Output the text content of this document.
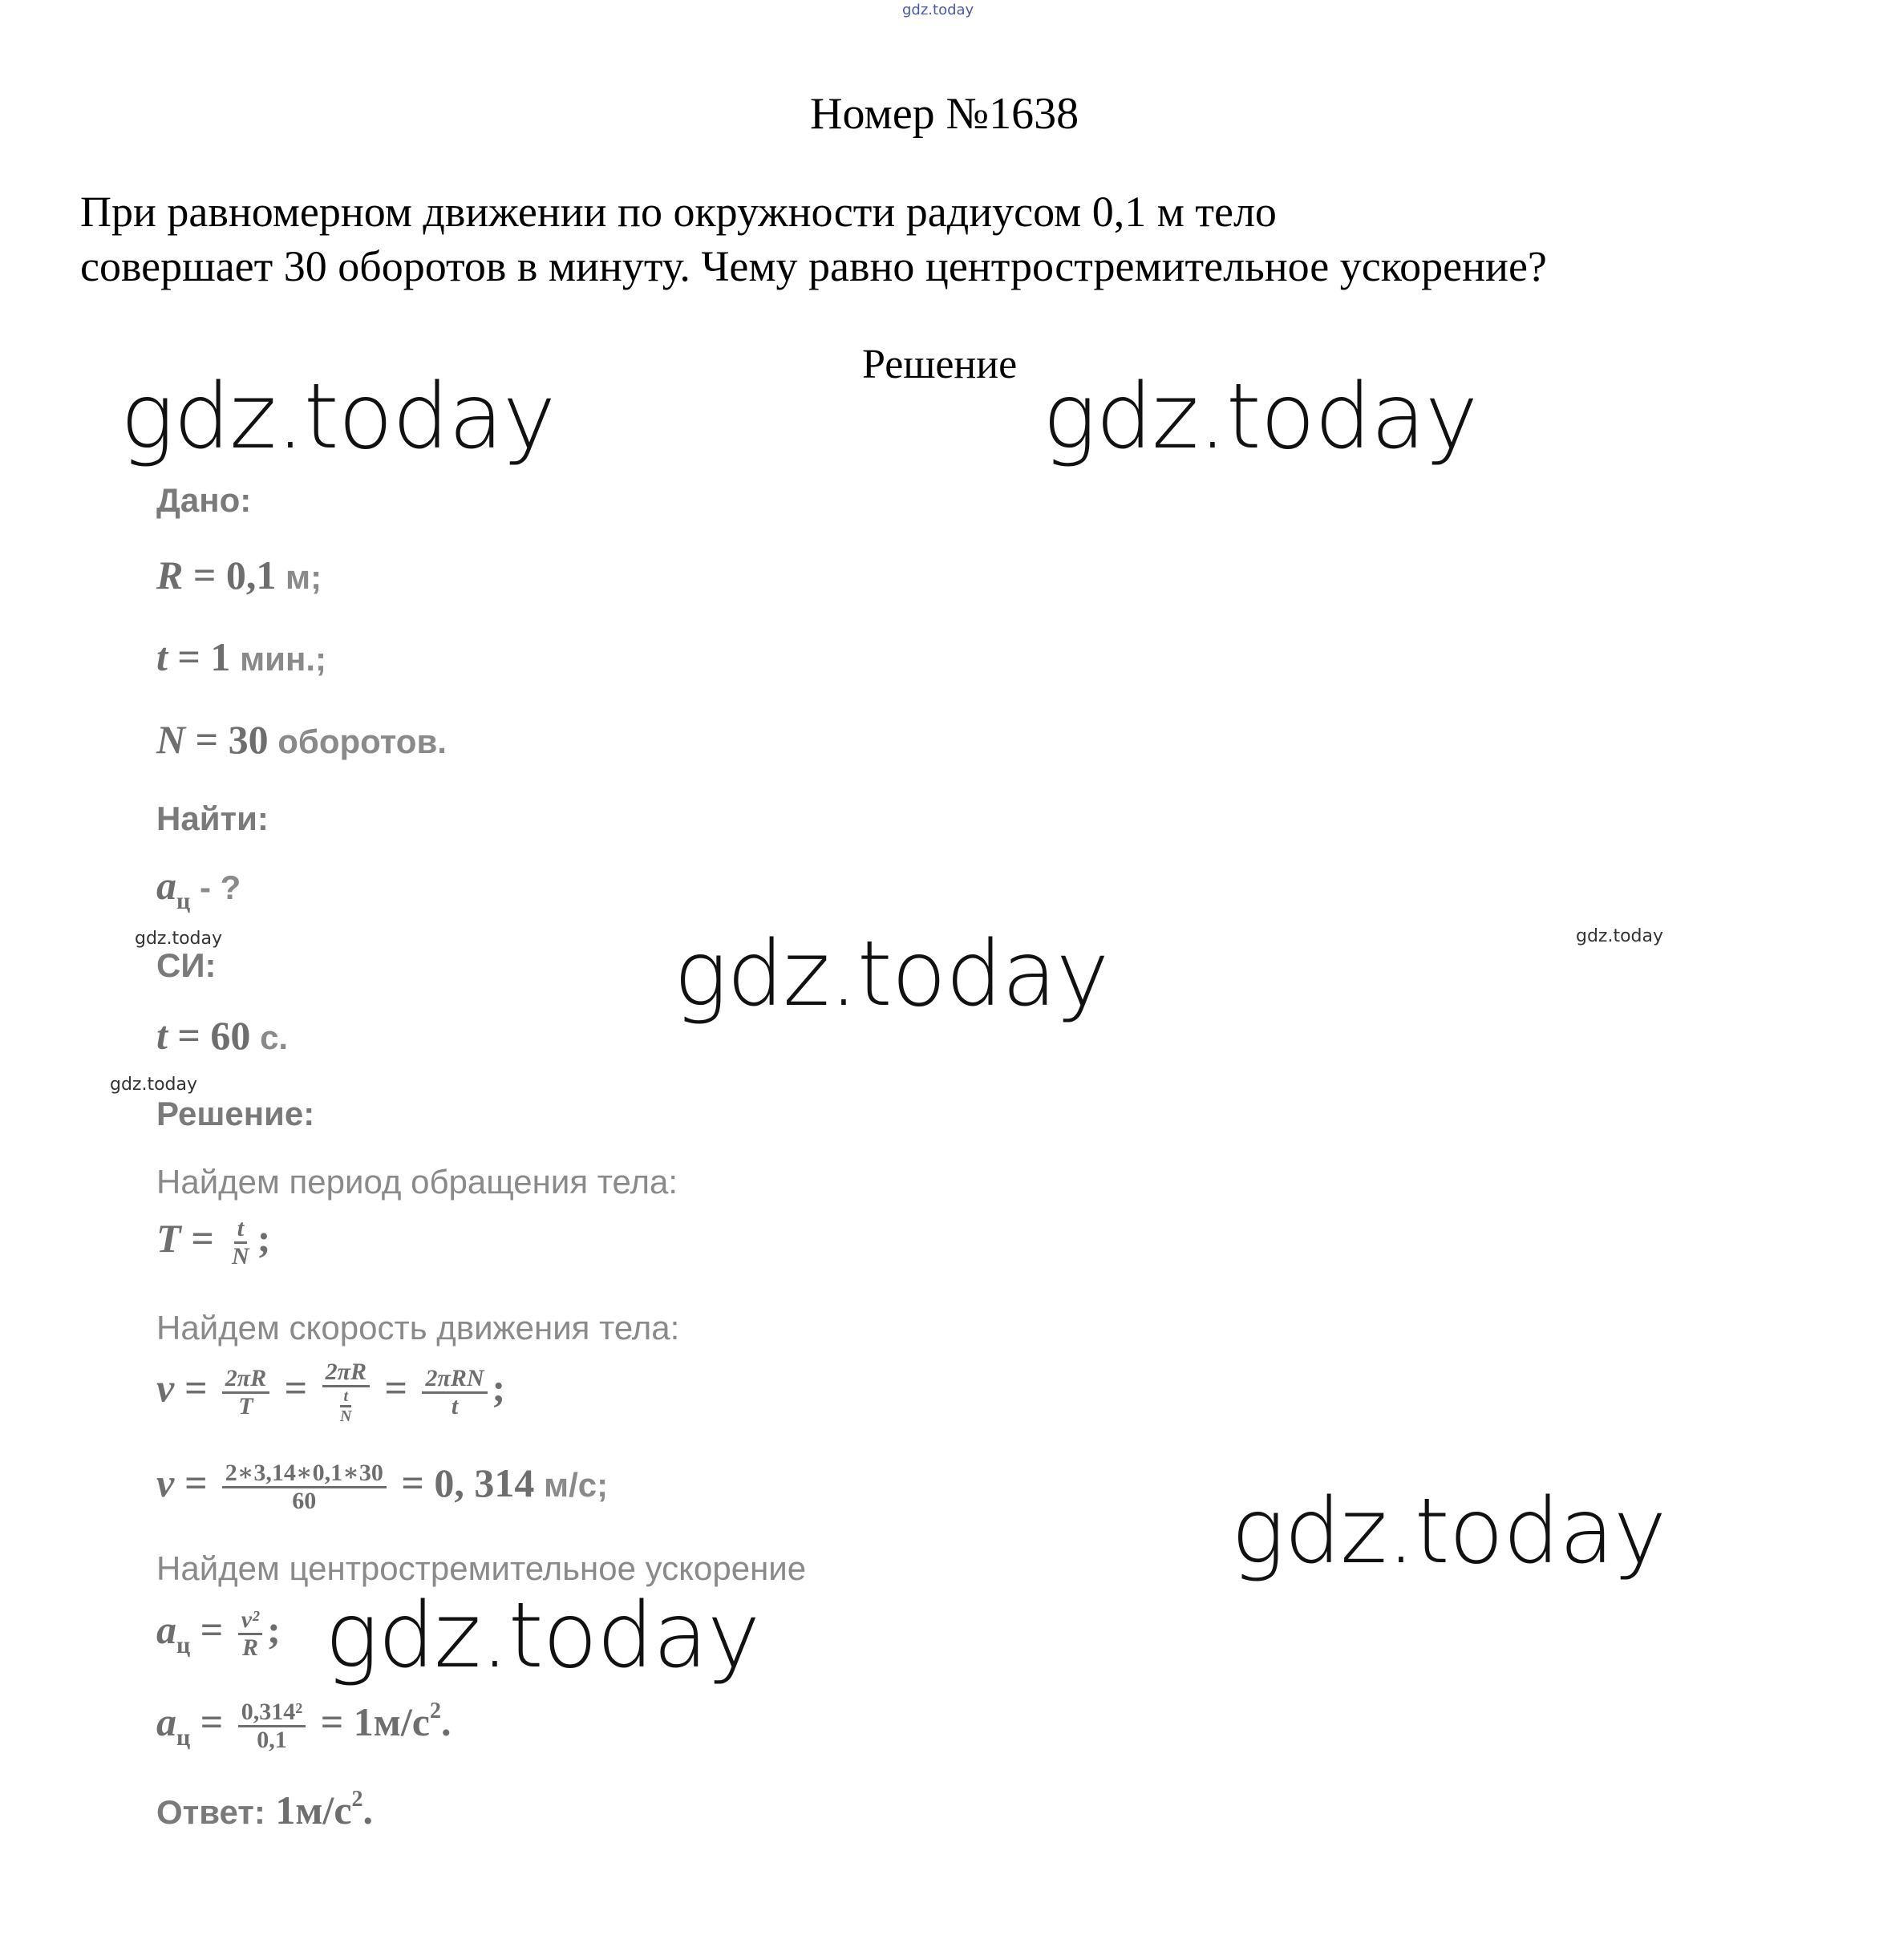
gdz.today
gdz.today	gdz.today
gdz.today
gdz.today
gdz.today
gdz.today	gdz.today
gdz.today
Номер №1638
При равномерном движении по окружности радиусом 0,1 м тело
совершает 30 оборотов в минуту. Чему равно центростремительное ускорение?
Решение
Дано:
R = 0,1 м;
t = 1 мин.;
N = 30 оборотов.
Найти:
$a_ц$ - ?
СИ:
t = 60 с.
Решение:
Найдем период обращения тела:
$T = \frac{t}{N}$ ;
Найдем скорость движения тела:
$v = \frac{2\pi R}{T} = \frac{2\pi R}{\frac{t}{N}} = \frac{\text{2πRN}}{t}$ ;
$v = \frac{2∗3,14∗0,1∗30}{60} = 0$, 314 м/с;
Найдем центростремительное ускорение
$a_ц = \frac{\text{v²}}{R}$ ;
$a_ц = \frac{\text{0,314²}}{0,1} = 1м/c^2$.
Ответ: $1м/c^2$.
